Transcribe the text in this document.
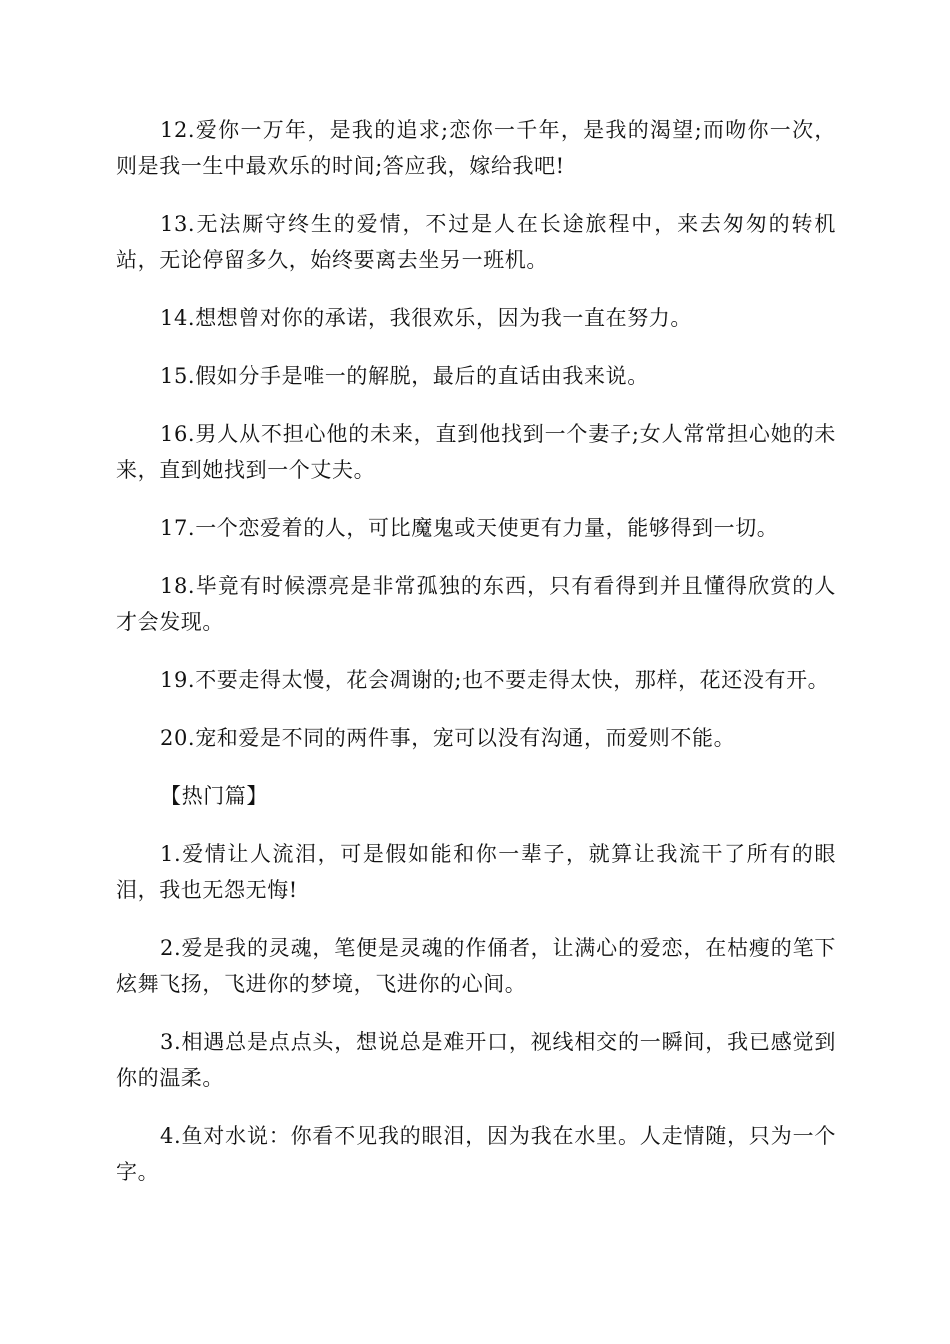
12.爱你一万年，是我的追求;恋你一千年，是我的渴望;而吻你一次，则是我一生中最欢乐的时间;答应我，嫁给我吧!

13.无法厮守终生的爱情，不过是人在长途旅程中，来去匆匆的转机站，无论停留多久，始终要离去坐另一班机。

14.想想曾对你的承诺，我很欢乐，因为我一直在努力。

15.假如分手是唯一的解脱，最后的直话由我来说。

16.男人从不担心他的未来，直到他找到一个妻子;女人常常担心她的未来，直到她找到一个丈夫。

17.一个恋爱着的人，可比魔鬼或天使更有力量，能够得到一切。

18.毕竟有时候漂亮是非常孤独的东西，只有看得到并且懂得欣赏的人才会发现。

19.不要走得太慢，花会凋谢的;也不要走得太快，那样，花还没有开。

20.宠和爱是不同的两件事，宠可以没有沟通，而爱则不能。

【热门篇】

1.爱情让人流泪，可是假如能和你一辈子，就算让我流干了所有的眼泪，我也无怨无悔!

2.爱是我的灵魂，笔便是灵魂的作俑者，让满心的爱恋，在枯瘦的笔下炫舞飞扬，飞进你的梦境，飞进你的心间。

3.相遇总是点点头，想说总是难开口，视线相交的一瞬间，我已感觉到你的温柔。

4.鱼对水说：你看不见我的眼泪，因为我在水里。人走情随，只为一个字。
